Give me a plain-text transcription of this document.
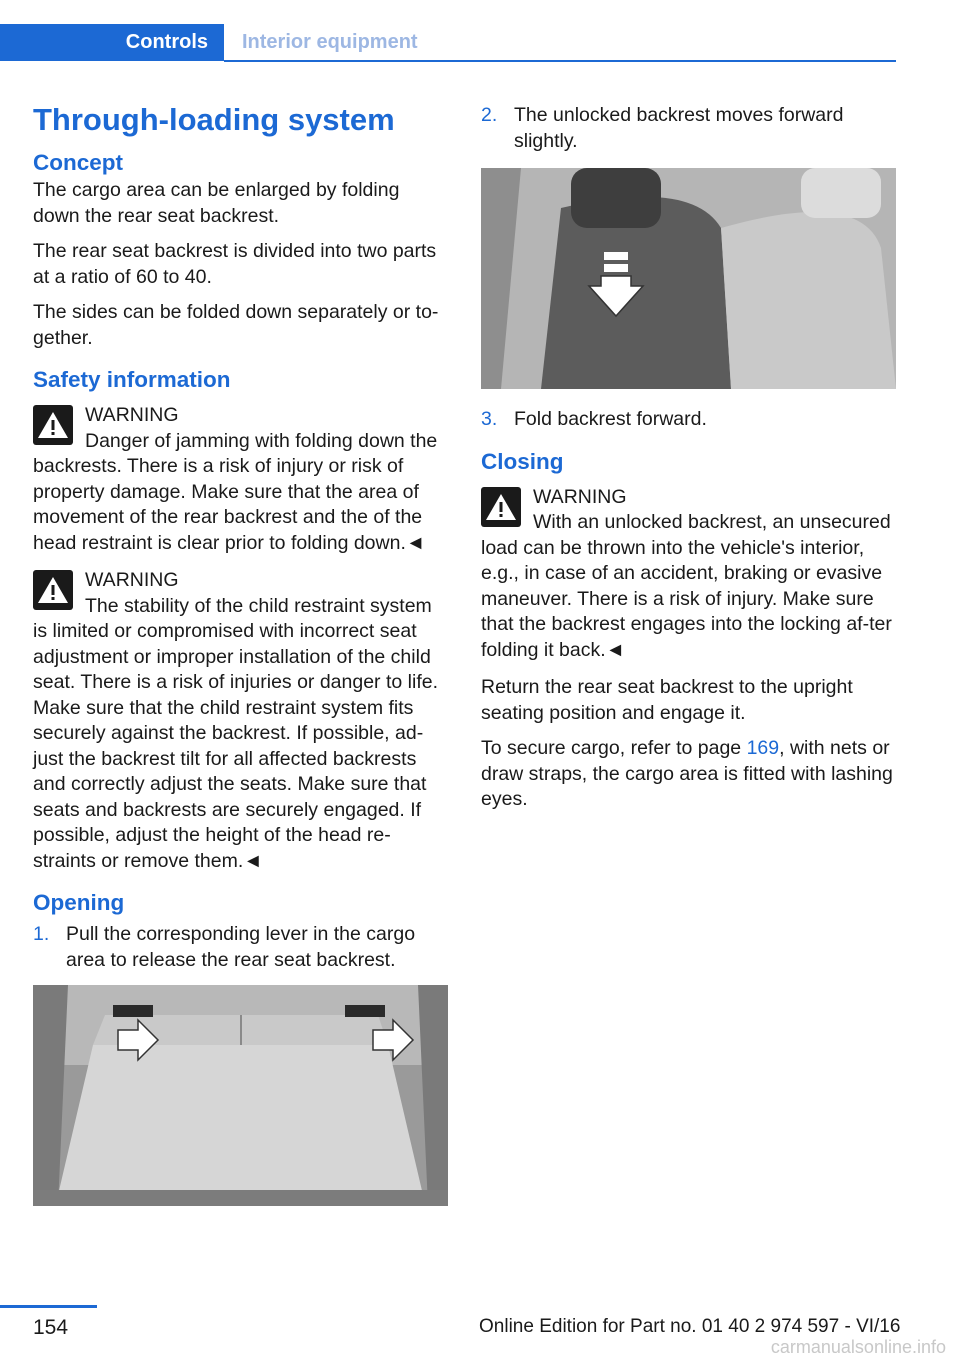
Controls Interior equipment
Through-loading system
Concept

The cargo area can be enlarged by folding down the rear seat backrest.

The rear seat backrest is divided into two parts at a ratio of 60 to 40.

The sides can be folded down separately or to‐gether.

Safety information
WARNING
Danger of jamming with folding down the backrests. There is a risk of injury or risk of property damage. Make sure that the area of movement of the rear backrest and the of the head restraint is clear prior to folding down.◄
WARNING
The stability of the child restraint system is limited or compromised with incorrect seat adjustment or improper installation of the child seat. There is a risk of injuries or danger to life. Make sure that the child restraint system fits securely against the backrest. If possible, ad‐just the backrest tilt for all affected backrests and correctly adjust the seats. Make sure that seats and backrests are securely engaged. If possible, adjust the height of the head re‐straints or remove them.◄
Opening
1. Pull the corresponding lever in the cargo area to release the rear seat backrest.
2. The unlocked backrest moves forward slightly.
3. Fold backrest forward.
Closing
WARNING
With an unlocked backrest, an unsecured load can be thrown into the vehicle's interior, e.g., in case of an accident, braking or evasive maneuver. There is a risk of injury. Make sure that the backrest engages into the locking af‐ter folding it back.◄

Return the rear seat backrest to the upright seating position and engage it.

To secure cargo, refer to page 169, with nets or draw straps, the cargo area is fitted with lashing eyes.

154	Online Edition for Part no. 01 40 2 974 597 - VI/16
carmanualsonline.info
